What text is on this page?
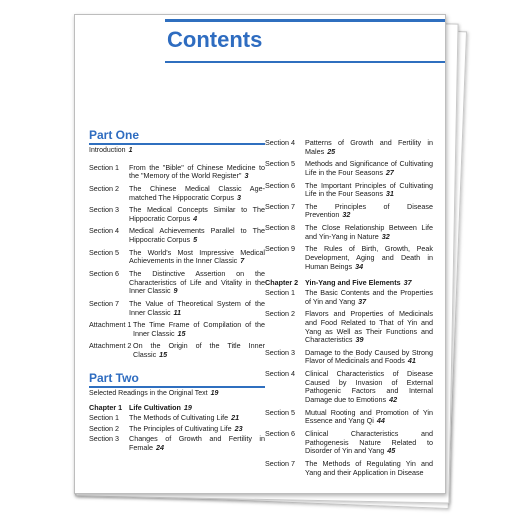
Contents
Part One
Introduction 1
Section 1	From the "Bible" of Chinese Medicine to the "Memory of the World Register" 3
Section 2	The Chinese Medical Classic Age-matched The Hippocratic Corpus 3
Section 3	The Medical Concepts Similar to The Hippocratic Corpus 4
Section 4	Medical Achievements Parallel to The Hippocratic Corpus 5
Section 5	The World's Most Impressive Medical Achievements in the Inner Classic 7
Section 6	The Distinctive Assertion on the Characteristics of Life and Vitality in the Inner Classic 9
Section 7	The Value of Theoretical System of the Inner Classic 11
Attachment 1 The Time Frame of Compilation of the Inner Classic 15
Attachment 2 On the Origin of the Title Inner Classic 15
Part Two
Selected Readings in the Original Text 19
Chapter 1 Life Cultivation 19
Section 1	The Methods of Cultivating Life 21
Section 2	The Principles of Cultivating Life 23
Section 3	Changes of Growth and Fertility in Female 24
Section 4	Patterns of Growth and Fertility in Males 25
Section 5	Methods and Significance of Cultivating Life in the Four Seasons 27
Section 6	The Important Principles of Cultivating Life in the Four Seasons 31
Section 7	The Principles of Disease Prevention 32
Section 8	The Close Relationship Between Life and Yin-Yang in Nature 32
Section 9	The Rules of Birth, Growth, Peak Development, Aging and Death in Human Beings 34
Chapter 2 Yin-Yang and Five Elements 37
Section 1	The Basic Contents and the Properties of Yin and Yang 37
Section 2	Flavors and Properties of Medicinals and Food Related to That of Yin and Yang as Well as Their Functions and Characteristics 39
Section 3	Damage to the Body Caused by Strong Flavor of Medicinals and Foods 41
Section 4	Clinical Characteristics of Disease Caused by Invasion of External Pathogenic Factors and Internal Damage due to Emotions 42
Section 5	Mutual Rooting and Promotion of Yin Essence and Yang Qi 44
Section 6	Clinical Characteristics and Pathogenesis Nature Related to Disorder of Yin and Yang 45
Section 7	The Methods of Regulating Yin and Yang and their Application in Disease
